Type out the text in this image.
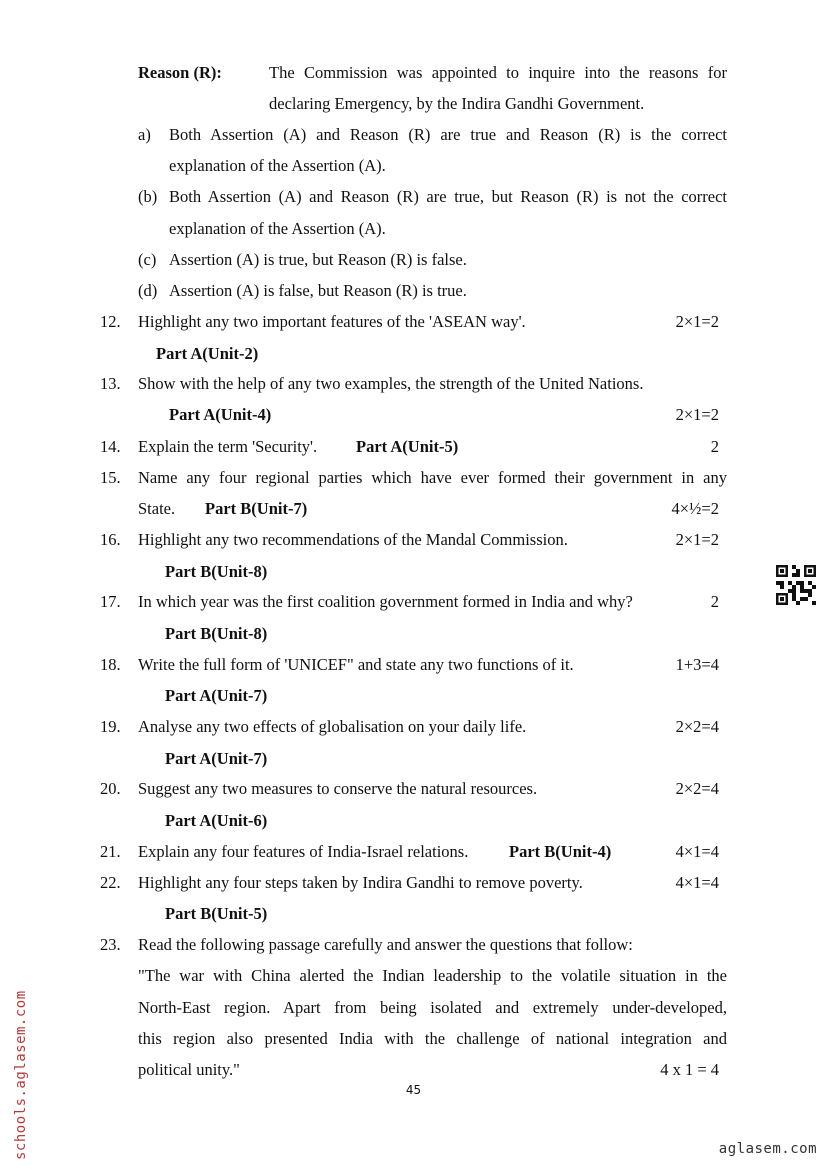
Reason (R):	The Commission was appointed to inquire into the reasons for
declaring Emergency, by the Indira Gandhi Government.
a) Both Assertion (A) and Reason (R) are true and Reason (R) is the correct
explanation of the Assertion (A).
(b) Both Assertion (A) and Reason (R) are true, but Reason (R) is not the correct
explanation of the Assertion (A).
(c) Assertion (A) is true, but Reason (R) is false.
(d) Assertion (A) is false, but Reason (R) is true.
12.	Highlight any two important features of the 'ASEAN way'.	2×1=2
Part A(Unit-2)
13.	Show with the help of any two examples, the strength of the United Nations.
Part A(Unit-4)	2×1=2
14.	Explain the term 'Security'. Part A(Unit-5)	2
15.	Name any four regional parties which have ever formed their government in any
State. Part B(Unit-7)	4×½=2
16.	Highlight any two recommendations of the Mandal Commission.	2×1=2
Part B(Unit-8)
17.	In which year was the first coalition government formed in India and why?	2
Part B(Unit-8)
18.	Write the full form of 'UNICEF" and state any two functions of it.	1+3=4
Part A(Unit-7)
19.	Analyse any two effects of globalisation on your daily life.	2×2=4
Part A(Unit-7)
20.	Suggest any two measures to conserve the natural resources.	2×2=4
Part A(Unit-6)
21.	Explain any four features of India-Israel relations. Part B(Unit-4)	4×1=4
22.	Highlight any four steps taken by Indira Gandhi to remove poverty.	4×1=4
Part B(Unit-5)
23.	Read the following passage carefully and answer the questions that follow:
"The war with China alerted the Indian leadership to the volatile situation in the
North-East region. Apart from being isolated and extremely under-developed,
this region also presented India with the challenge of national integration and
political unity."	4 x 1 = 4
45
schools.aglasem.com	aglasem.com
